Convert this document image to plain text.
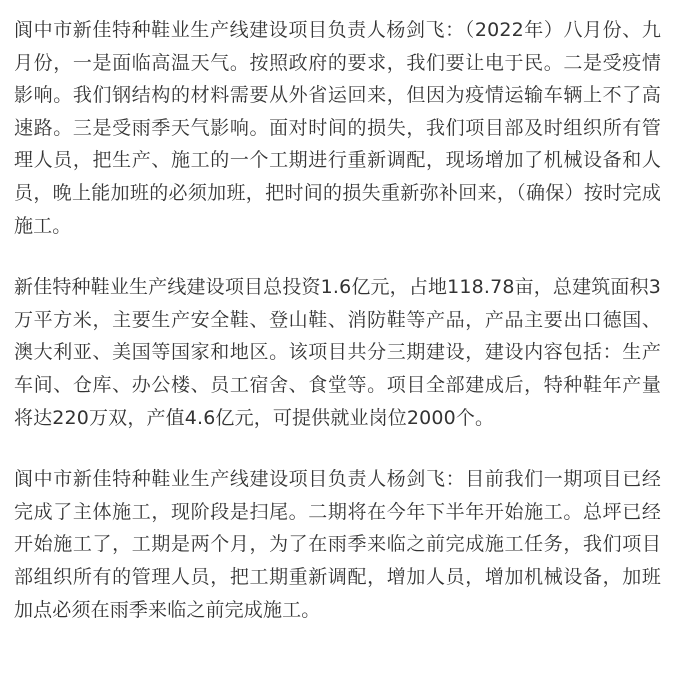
阆中市新佳特种鞋业生产线建设项目负责人杨剑飞：（2022年）八月份、九月份，一是面临高温天气。按照政府的要求，我们要让电于民。二是受疫情影响。我们钢结构的材料需要从外省运回来，但因为疫情运输车辆上不了高速路。三是受雨季天气影响。面对时间的损失，我们项目部及时组织所有管理人员，把生产、施工的一个工期进行重新调配，现场增加了机械设备和人员，晚上能加班的必须加班，把时间的损失重新弥补回来，（确保）按时完成施工。

新佳特种鞋业生产线建设项目总投资1.6亿元，占地118.78亩，总建筑面积3万平方米，主要生产安全鞋、登山鞋、消防鞋等产品，产品主要出口德国、澳大利亚、美国等国家和地区。该项目共分三期建设，建设内容包括：生产车间、仓库、办公楼、员工宿舍、食堂等。项目全部建成后，特种鞋年产量将达220万双，产值4.6亿元，可提供就业岗位2000个。

阆中市新佳特种鞋业生产线建设项目负责人杨剑飞：目前我们一期项目已经完成了主体施工，现阶段是扫尾。二期将在今年下半年开始施工。总坪已经开始施工了，工期是两个月，为了在雨季来临之前完成施工任务，我们项目部组织所有的管理人员，把工期重新调配，增加人员，增加机械设备，加班加点必须在雨季来临之前完成施工。
